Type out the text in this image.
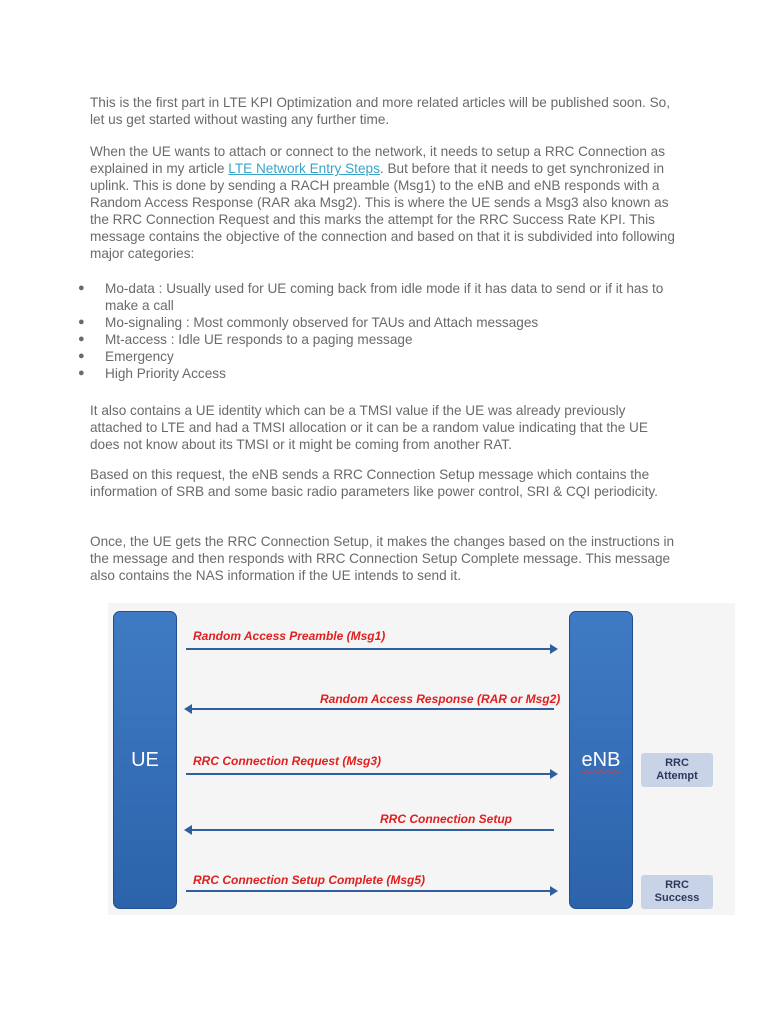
This is the first part in LTE KPI Optimization and more related articles will be published soon. So, let us get started without wasting any further time.

When the UE wants to attach or connect to the network, it needs to setup a RRC Connection as explained in my article LTE Network Entry Steps. But before that it needs to get synchronized in uplink. This is done by sending a RACH preamble (Msg1) to the eNB and eNB responds with a Random Access Response (RAR aka Msg2). This is where the UE sends a Msg3 also known as the RRC Connection Request and this marks the attempt for the RRC Success Rate KPI. This message contains the objective of the connection and based on that it is subdivided into following major categories:

● Mo-data : Usually used for UE coming back from idle mode if it has data to send or if it has to make a call
● Mo-signaling : Most commonly observed for TAUs and Attach messages
● Mt-access : Idle UE responds to a paging message
● Emergency
● High Priority Access

It also contains a UE identity which can be a TMSI value if the UE was already previously attached to LTE and had a TMSI allocation or it can be a random value indicating that the UE does not know about its TMSI or it might be coming from another RAT.

Based on this request, the eNB sends a RRC Connection Setup message which contains the information of SRB and some basic radio parameters like power control, SRI & CQI periodicity.

Once, the UE gets the RRC Connection Setup, it makes the changes based on the instructions in the message and then responds with RRC Connection Setup Complete message. This message also contains the NAS information if the UE intends to send it.

UE	eNB
Random Access Preamble (Msg1)
Random Access Response (RAR or Msg2)
RRC Connection Request (Msg3)
RRC Connection Setup
RRC Connection Setup Complete (Msg5)
RRC
Attempt
RRC
Success
